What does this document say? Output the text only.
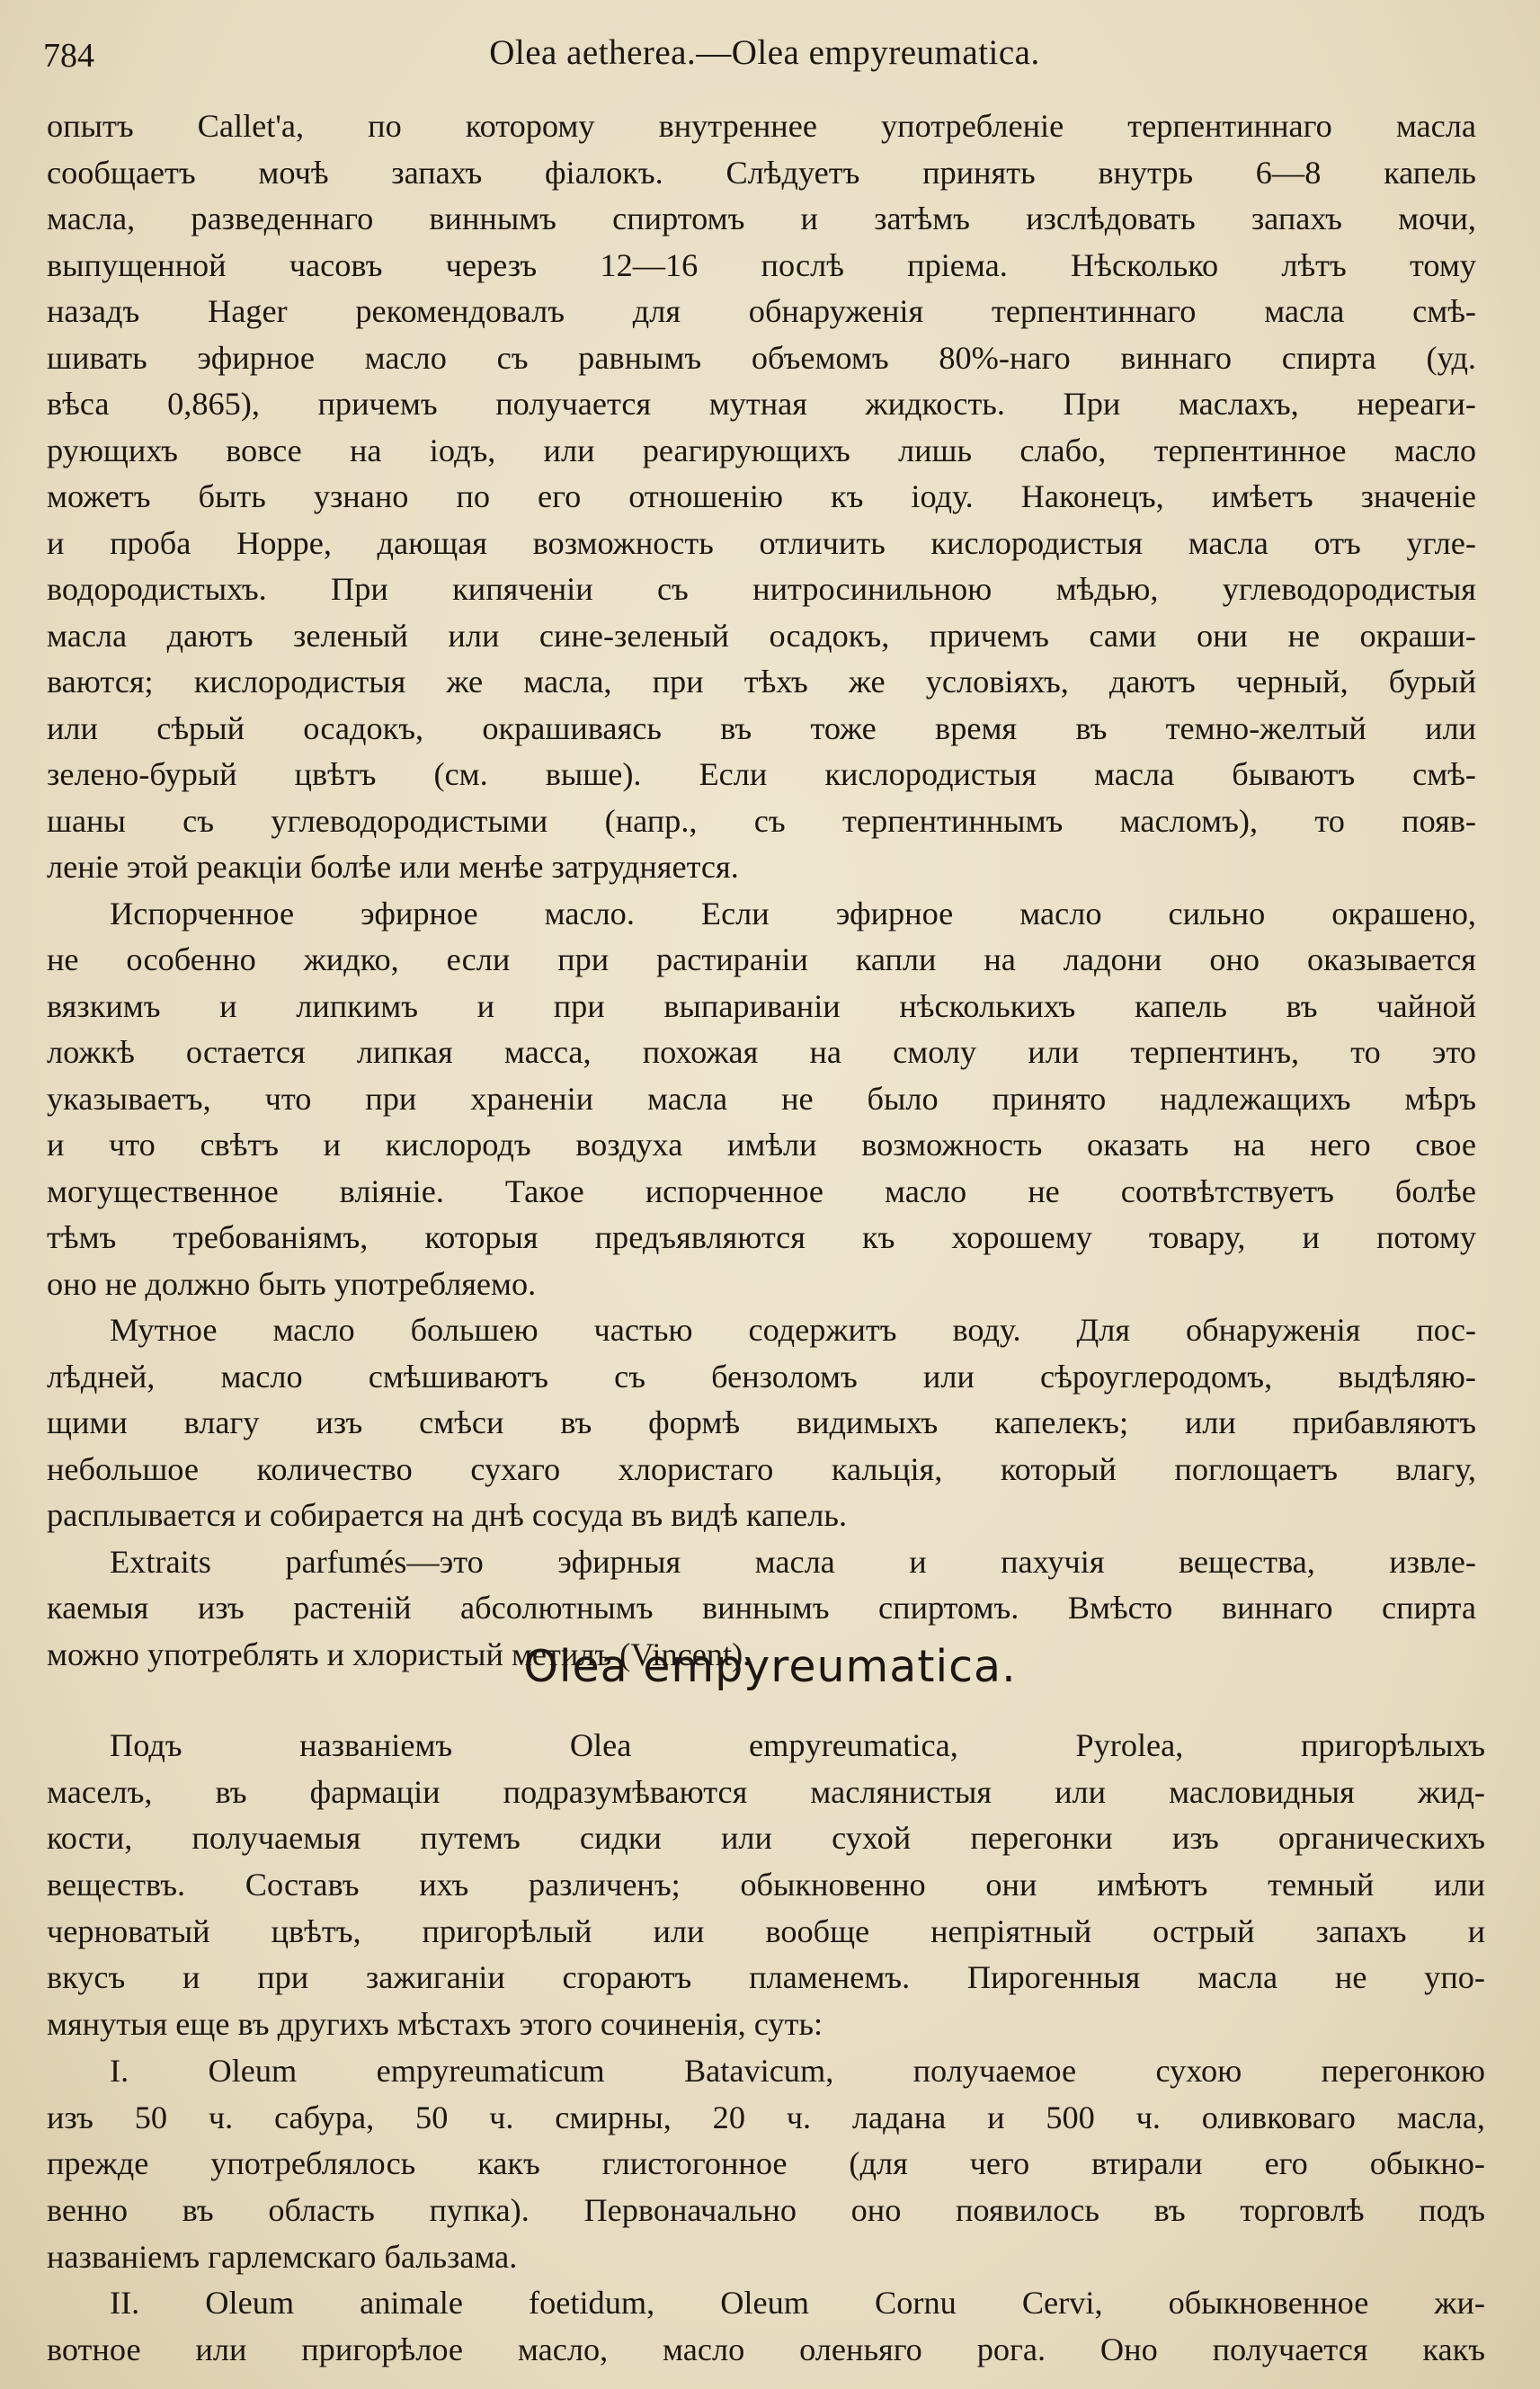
784	Olea aetherea.—Olea empyreumatica.
опытъ Callet'a, по которому внутреннее употребленіе терпентиннаго масла
сообщаетъ мочѣ запахъ фіалокъ. Слѣдуетъ принять внутрь 6—8 капель
масла, разведеннаго виннымъ спиртомъ и затѣмъ изслѣдовать запахъ мочи,
выпущенной часовъ черезъ 12—16 послѣ пріема. Нѣсколько лѣтъ тому
назадъ Hager рекомендовалъ для обнаруженія терпентиннаго масла смѣ-
шивать эфирное масло съ равнымъ объемомъ 80%-наго виннаго спирта (уд.
вѣса 0,865), причемъ получается мутная жидкость. При маслахъ, нереаги-
рующихъ вовсе на іодъ, или реагирующихъ лишь слабо, терпентинное масло
можетъ быть узнано по его отношенію къ іоду. Наконецъ, имѣетъ значеніе
и проба Hoppe, дающая возможность отличить кислородистыя масла отъ угле-
водородистыхъ. При кипяченіи съ нитросинильною мѣдью, углеводородистыя
масла даютъ зеленый или сине-зеленый осадокъ, причемъ сами они не окраши-
ваются; кислородистыя же масла, при тѣхъ же условіяхъ, даютъ черный, бурый
или сѣрый осадокъ, окрашиваясь въ тоже время въ темно-желтый или
зелено-бурый цвѣтъ (см. выше). Если кислородистыя масла бываютъ смѣ-
шаны съ углеводородистыми (напр., съ терпентиннымъ масломъ), то появ-
леніе этой реакціи болѣе или менѣе затрудняется.
Испорченное эфирное масло. Если эфирное масло сильно окрашено,
не особенно жидко, если при растираніи капли на ладони оно оказывается
вязкимъ и липкимъ и при выпариваніи нѣсколькихъ капель въ чайной
ложкѣ остается липкая масса, похожая на смолу или терпентинъ, то это
указываетъ, что при храненіи масла не было принято надлежащихъ мѣръ
и что свѣтъ и кислородъ воздуха имѣли возможность оказать на него свое
могущественное вліяніе. Такое испорченное масло не соотвѣтствуетъ болѣе
тѣмъ требованіямъ, которыя предъявляются къ хорошему товару, и потому
оно не должно быть употребляемо.
Мутное масло большею частью содержитъ воду. Для обнаруженія пос-
лѣдней, масло смѣшиваютъ съ бензоломъ или сѣроуглеродомъ, выдѣляю-
щими влагу изъ смѣси въ формѣ видимыхъ капелекъ; или прибавляютъ
небольшое количество сухаго хлористаго кальція, который поглощаетъ влагу,
расплывается и собирается на днѣ сосуда въ видѣ капель.
Extraits parfumés—это эфирныя масла и пахучія вещества, извле-
каемыя изъ растеній абсолютнымъ виннымъ спиртомъ. Вмѣсто виннаго спирта
можно употреблять и хлористый метилъ (Vincent).
Olea empyreumatica.
Подъ названіемъ Olea empyreumatica, Pyrolea, пригорѣлыхъ
маселъ, въ фармаціи подразумѣваются маслянистыя или масловидныя жид-
кости, получаемыя путемъ сидки или сухой перегонки изъ органическихъ
веществъ. Составъ ихъ различенъ; обыкновенно они имѣютъ темный или
черноватый цвѣтъ, пригорѣлый или вообще непріятный острый запахъ и
вкусъ и при зажиганіи сгораютъ пламенемъ. Пирогенныя масла не упо-
мянутыя еще въ другихъ мѣстахъ этого сочиненія, суть:
I. Oleum empyreumaticum Batavicum, получаемое сухою перегонкою
изъ 50 ч. сабура, 50 ч. смирны, 20 ч. ладана и 500 ч. оливковаго масла,
прежде употреблялось какъ глистогонное (для чего втирали его обыкно-
венно въ область пупка). Первоначально оно появилось въ торговлѣ подъ
названіемъ гарлемскаго бальзама.
II. Oleum animale foetidum, Oleum Cornu Cervi, обыкновенное жи-
вотное или пригорѣлое масло, масло оленьяго рога. Оно получается какъ
